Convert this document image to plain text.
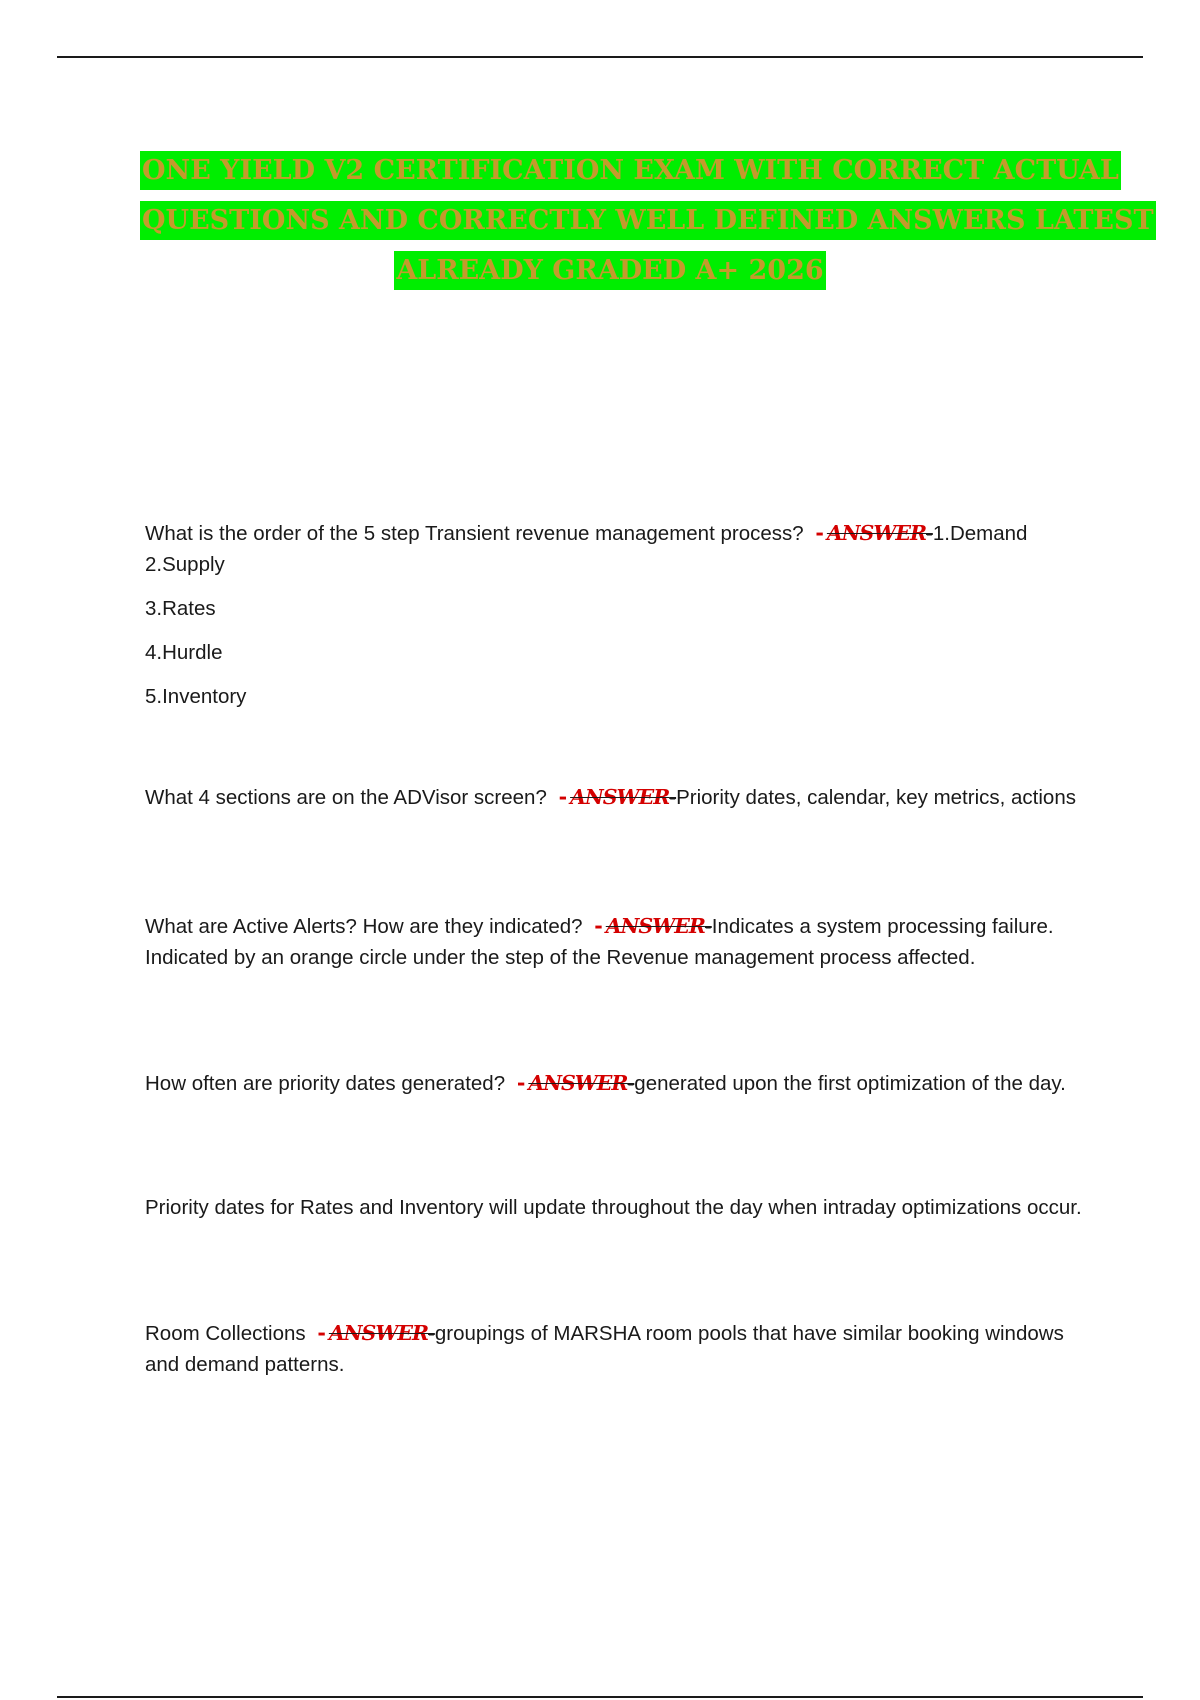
ONE YIELD V2 CERTIFICATION EXAM WITH CORRECT ACTUAL
QUESTIONS AND CORRECTLY WELL DEFINED ANSWERS LATEST
ALREADY GRADED A+ 2026

What is the order of the 5 step Transient revenue management process? - ANSWER-1.Demand

2.Supply

3.Rates

4.Hurdle

5.Inventory

What 4 sections are on the ADVisor screen? - ANSWER-Priority dates, calendar, key metrics, actions

What are Active Alerts? How are they indicated? - ANSWER-Indicates a system processing failure. Indicated by an orange circle under the step of the Revenue management process affected.

How often are priority dates generated? - ANSWER-generated upon the first optimization of the day.

Priority dates for Rates and Inventory will update throughout the day when intraday optimizations occur.

Room Collections - ANSWER-groupings of MARSHA room pools that have similar booking windows and demand patterns.
